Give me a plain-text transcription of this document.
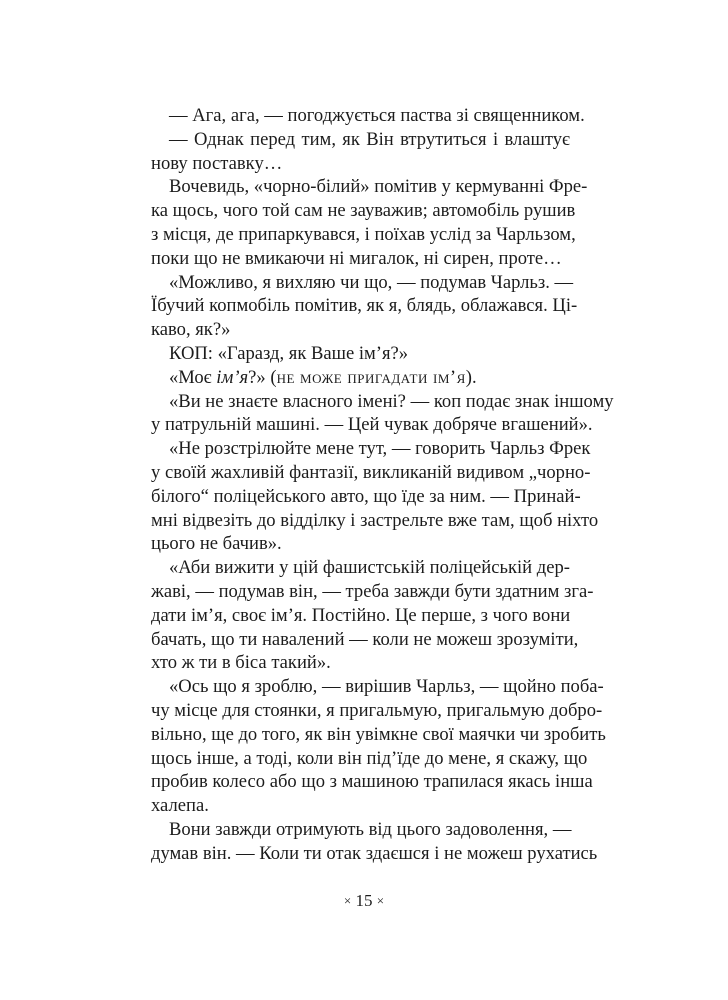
— Ага, ага, — погоджується паства зі священником.
— Однак перед тим, як Він втрутиться і влаштує
нову поставку…
Вочевидь, «чорно-білий» помітив у кермуванні Фре-
ка щось, чого той сам не зауважив; автомобіль рушив
з місця, де припаркувався, і поїхав услід за Чарльзом,
поки що не вмикаючи ні мигалок, ні сирен, проте…
«Можливо, я вихляю чи що, — подумав Чарльз. —
Їбучий копмобіль помітив, як я, блядь, облажався. Ці-
каво, як?»
КОП: «Гаразд, як Ваше ім’я?»
«Моє ім’я?» (не може пригадати ім’я).
«Ви не знаєте власного імені? — коп подає знак іншому
у патрульній машині. — Цей чувак добряче вгашений».
«Не розстрілюйте мене тут, — говорить Чарльз Фрек
у своїй жахливій фантазії, викликаній видивом „чорно-
білого“ поліцейського авто, що їде за ним. — Принай-
мні відвезіть до відділку і застрельте вже там, щоб ніхто
цього не бачив».
«Аби вижити у цій фашистській поліцейській дер-
жаві, — подумав він, — треба завжди бути здатним зга-
дати ім’я, своє ім’я. Постійно. Це перше, з чого вони
бачать, що ти навалений — коли не можеш зрозуміти,
хто ж ти в біса такий».
«Ось що я зроблю, — вирішив Чарльз, — щойно поба-
чу місце для стоянки, я пригальмую, пригальмую добро-
вільно, ще до того, як він увімкне свої маячки чи зробить
щось інше, а тоді, коли він під’їде до мене, я скажу, що
пробив колесо або що з машиною трапилася якась інша
халепа.
Вони завжди отримують від цього задоволення, —
думав він. — Коли ти отак здаєшся і не можеш рухатись
× 15 ×
